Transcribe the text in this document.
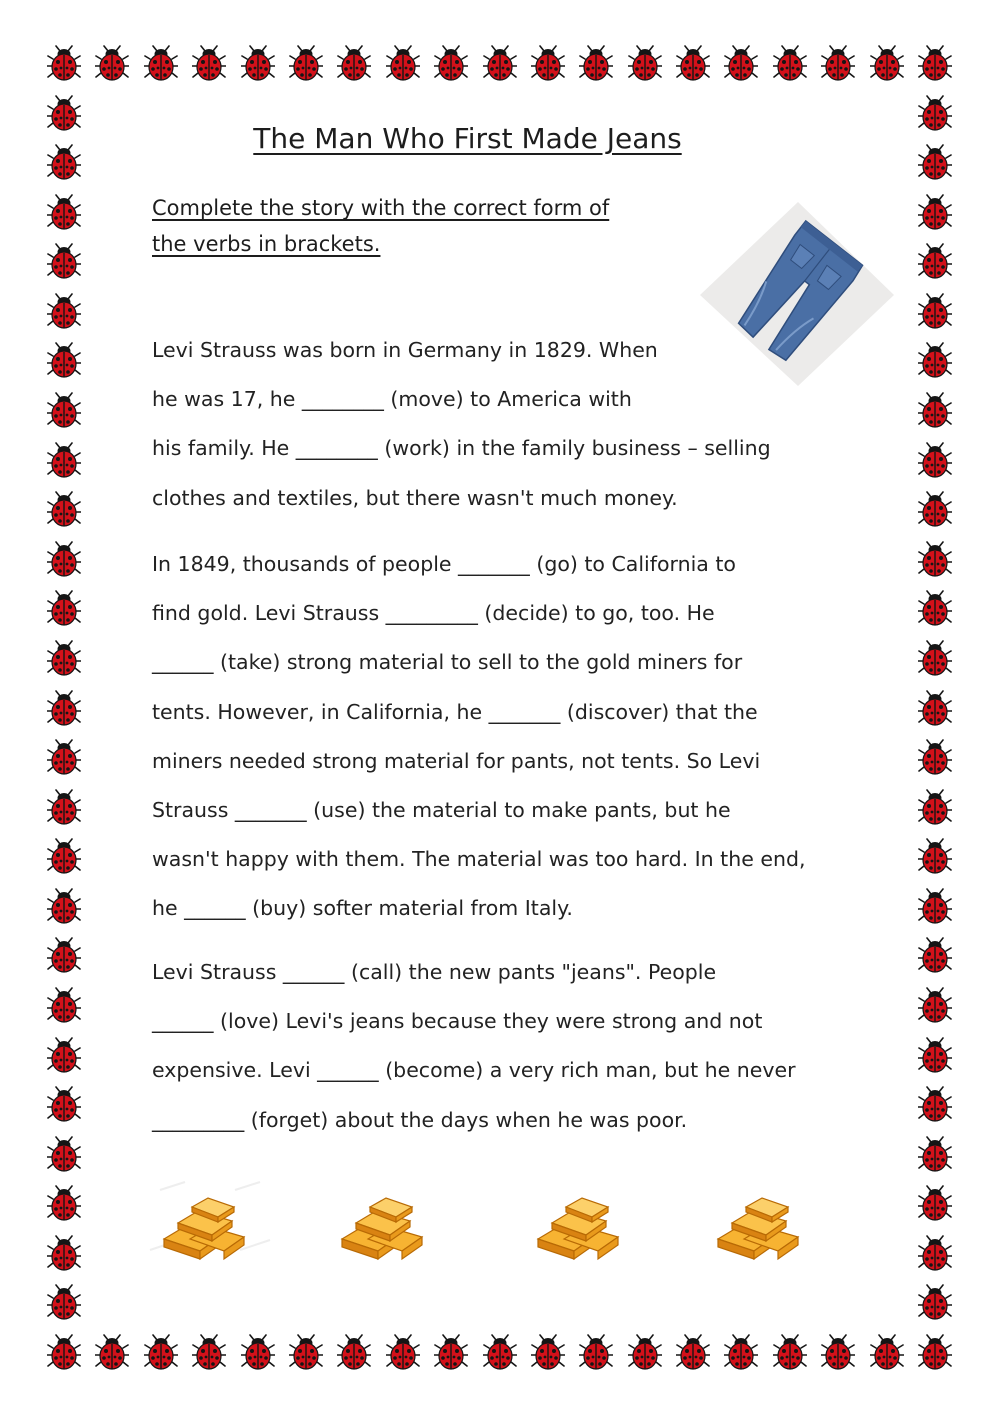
The Man Who First Made Jeans
Complete the story with the correct form of
the verbs in brackets.
Levi Strauss was born in Germany in 1829. When
he was 17, he ________ (move) to America with
his family. He ________ (work) in the family business – selling
clothes and textiles, but there wasn't much money.
In 1849, thousands of people _______ (go) to California to
find gold. Levi Strauss _________ (decide) to go, too. He
______ (take) strong material to sell to the gold miners for
tents. However, in California, he _______ (discover) that the
miners needed strong material for pants, not tents. So Levi
Strauss _______ (use) the material to make pants, but he
wasn't happy with them. The material was too hard. In the end,
he ______ (buy) softer material from Italy.
Levi Strauss ______ (call) the new pants "jeans". People
______ (love) Levi's jeans because they were strong and not
expensive. Levi ______ (become) a very rich man, but he never
_________ (forget) about the days when he was poor.
